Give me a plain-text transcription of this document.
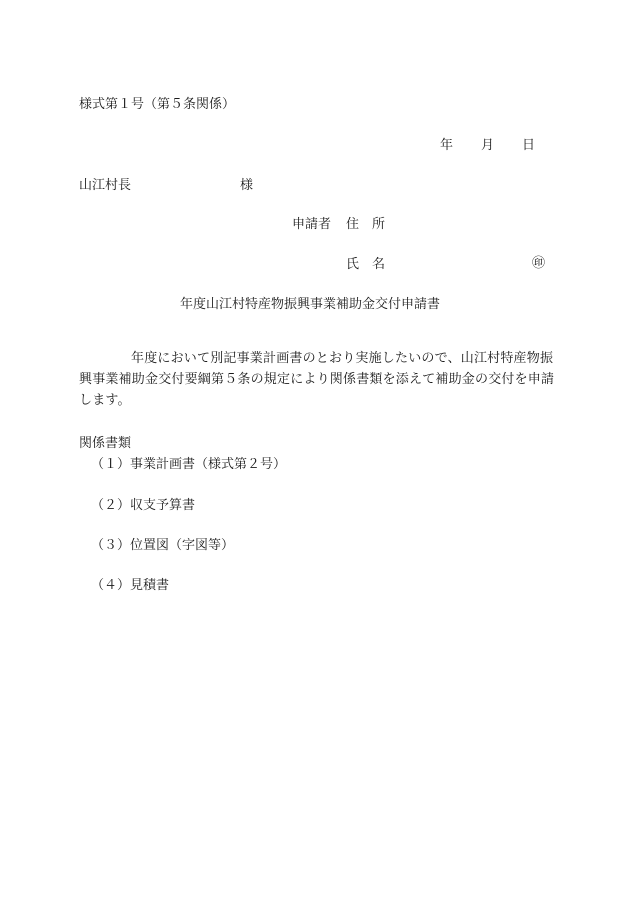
様式第１号（第５条関係）
年 月 日
山江村長	様
申請者 住　所
氏　名	㊞
年度山江村特産物振興事業補助金交付申請書

年度において別記事業計画書のとおり実施したいので、山江村特産物振興事業補助金交付要綱第５条の規定により関係書類を添えて補助金の交付を申請します。

関係書類
（１）事業計画書（様式第２号）
（２）収支予算書
（３）位置図（字図等）
（４）見積書
